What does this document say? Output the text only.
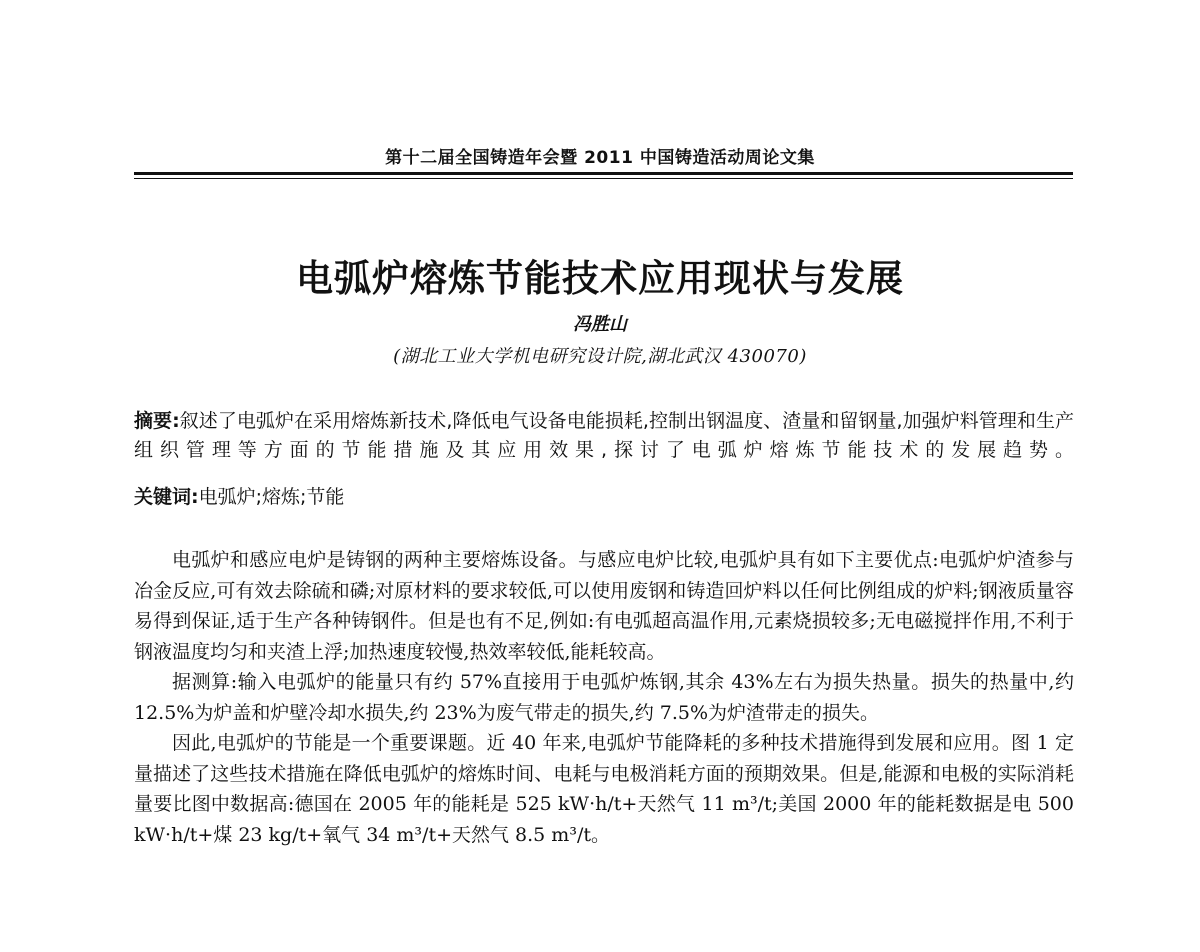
第十二届全国铸造年会暨 2011 中国铸造活动周论文集
电弧炉熔炼节能技术应用现状与发展
冯胜山
(湖北工业大学机电研究设计院,湖北武汉 430070)
摘要:叙述了电弧炉在采用熔炼新技术,降低电气设备电能损耗,控制出钢温度、渣量和留钢量,加强炉料管理和生产组织管理等方面的节能措施及其应用效果,探讨了电弧炉熔炼节能技术的发展趋势。
关键词:电弧炉;熔炼;节能

电弧炉和感应电炉是铸钢的两种主要熔炼设备。与感应电炉比较,电弧炉具有如下主要优点:电弧炉炉渣参与冶金反应,可有效去除硫和磷;对原材料的要求较低,可以使用废钢和铸造回炉料以任何比例组成的炉料;钢液质量容易得到保证,适于生产各种铸钢件。但是也有不足,例如:有电弧超高温作用,元素烧损较多;无电磁搅拌作用,不利于钢液温度均匀和夹渣上浮;加热速度较慢,热效率较低,能耗较高。

据测算:输入电弧炉的能量只有约 57%直接用于电弧炉炼钢,其余 43%左右为损失热量。损失的热量中,约 12.5%为炉盖和炉壁冷却水损失,约 23%为废气带走的损失,约 7.5%为炉渣带走的损失。

因此,电弧炉的节能是一个重要课题。近 40 年来,电弧炉节能降耗的多种技术措施得到发展和应用。图 1 定量描述了这些技术措施在降低电弧炉的熔炼时间、电耗与电极消耗方面的预期效果。但是,能源和电极的实际消耗量要比图中数据高:德国在 2005 年的能耗是 525 kW·h/t+天然气 11 m³/t;美国 2000 年的能耗数据是电 500 kW·h/t+煤 23 kg/t+氧气 34 m³/t+天然气 8.5 m³/t。
